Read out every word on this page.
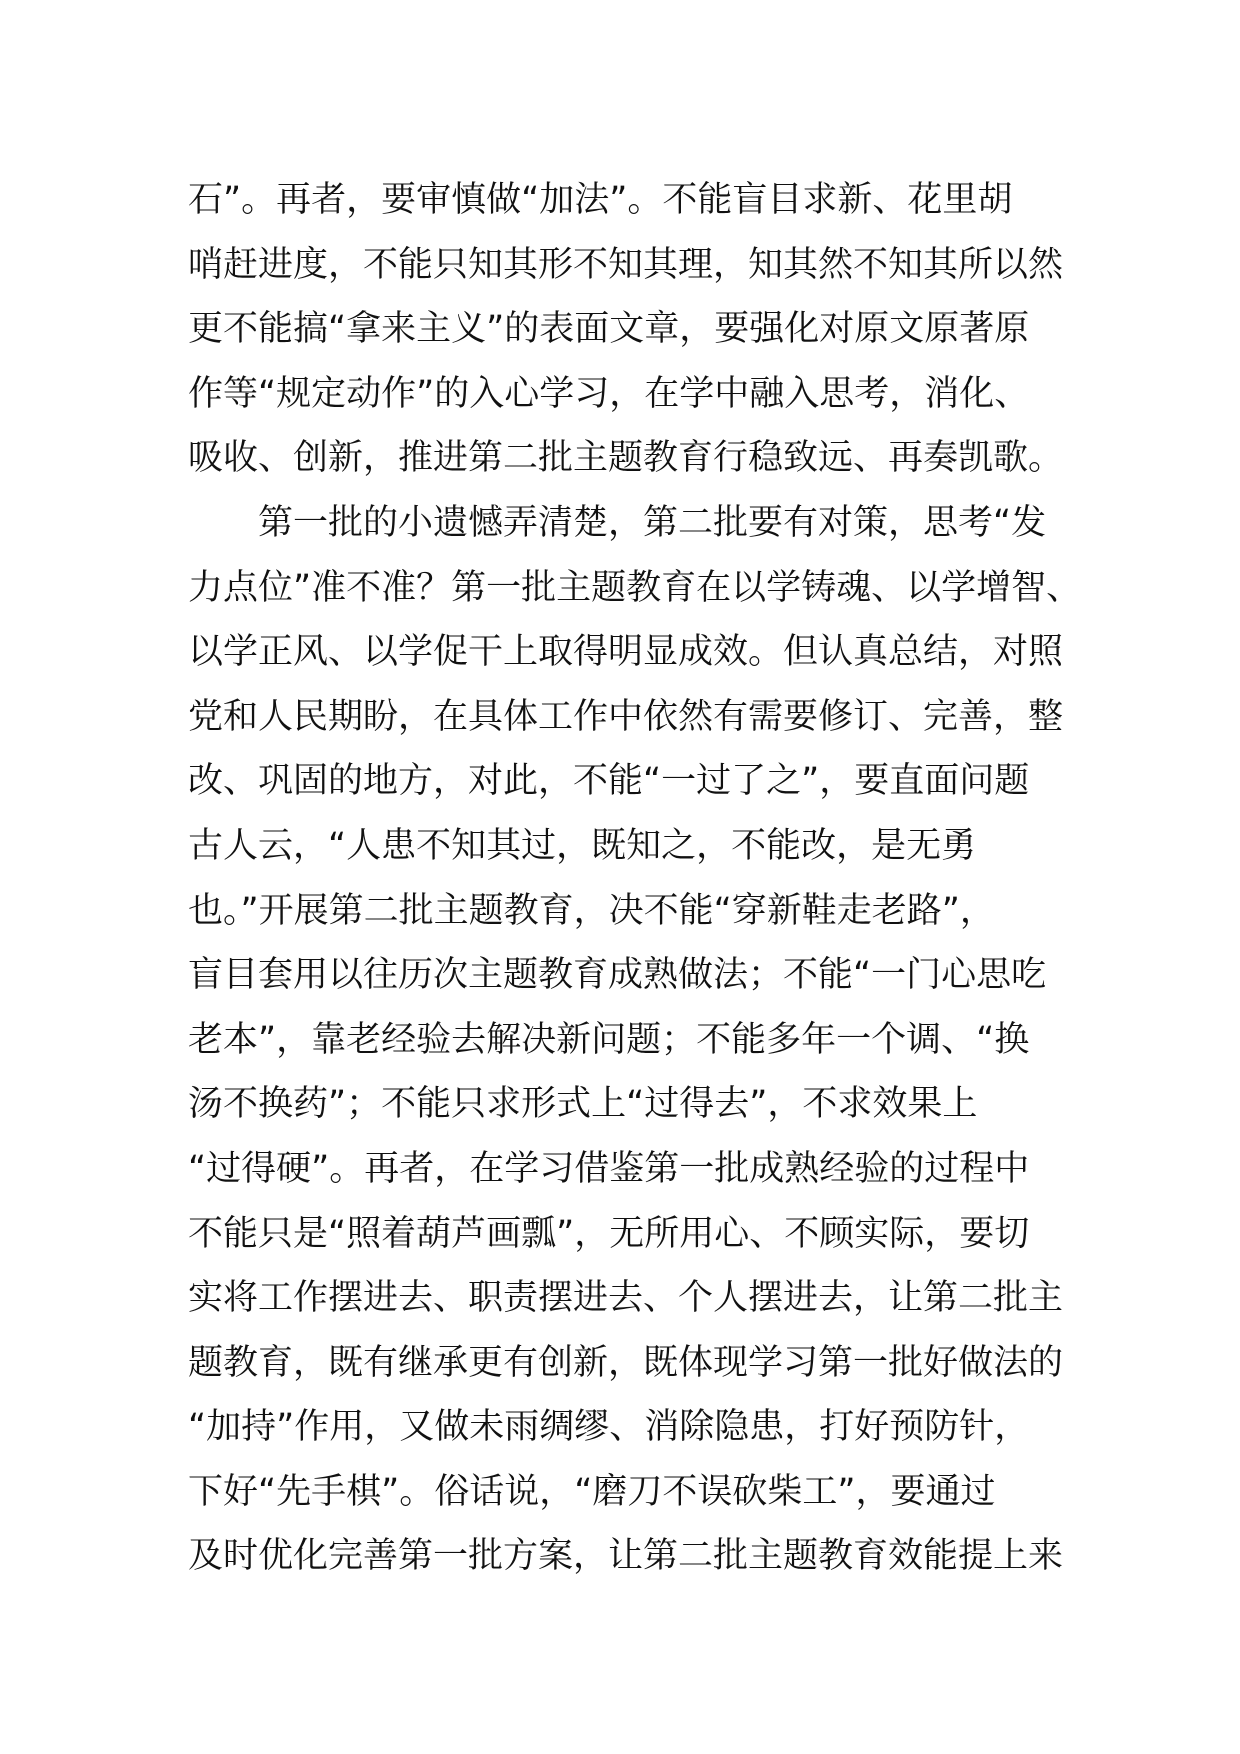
石”。再者，要审慎做“加法”。不能盲目求新、花里胡
哨赶进度，不能只知其形不知其理，知其然不知其所以然
更不能搞“拿来主义”的表面文章，要强化对原文原著原
作等“规定动作”的入心学习，在学中融入思考，消化、
吸收、创新，推进第二批主题教育行稳致远、再奏凯歌。
　　第一批的小遗憾弄清楚，第二批要有对策，思考“发
力点位”准不准？第一批主题教育在以学铸魂、以学增智、
以学正风、以学促干上取得明显成效。但认真总结，对照
党和人民期盼，在具体工作中依然有需要修订、完善，整
改、巩固的地方，对此，不能“一过了之”，要直面问题
古人云，“人患不知其过，既知之，不能改，是无勇
也。”开展第二批主题教育，决不能“穿新鞋走老路”，
盲目套用以往历次主题教育成熟做法；不能“一门心思吃
老本”，靠老经验去解决新问题；不能多年一个调、“换
汤不换药”；不能只求形式上“过得去”，不求效果上
“过得硬”。再者，在学习借鉴第一批成熟经验的过程中
不能只是“照着葫芦画瓢”，无所用心、不顾实际，要切
实将工作摆进去、职责摆进去、个人摆进去，让第二批主
题教育，既有继承更有创新，既体现学习第一批好做法的
“加持”作用，又做未雨绸缪、消除隐患，打好预防针，
下好“先手棋”。俗话说，“磨刀不误砍柴工”，要通过
及时优化完善第一批方案，让第二批主题教育效能提上来
